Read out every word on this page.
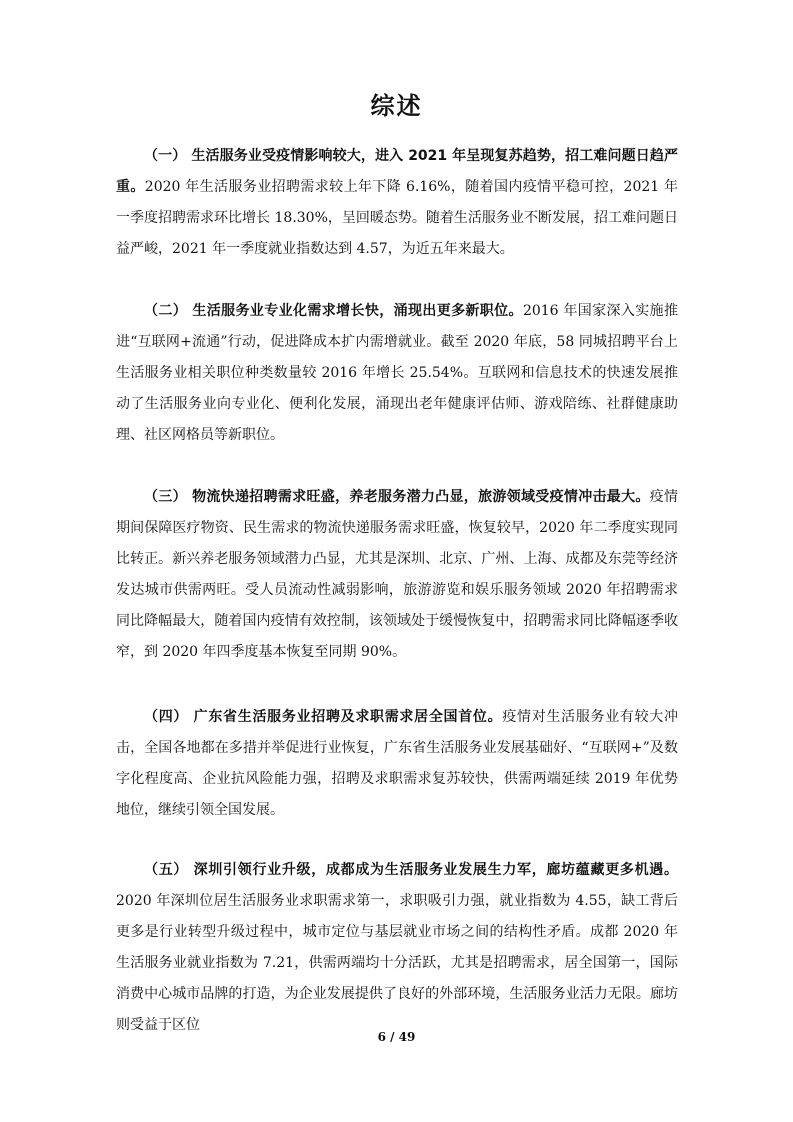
综述

（一） 生活服务业受疫情影响较大，进入 2021 年呈现复苏趋势，招工难问题日趋严重。2020 年生活服务业招聘需求较上年下降 6.16%，随着国内疫情平稳可控，2021 年一季度招聘需求环比增长 18.30%，呈回暖态势。随着生活服务业不断发展，招工难问题日益严峻，2021 年一季度就业指数达到 4.57，为近五年来最大。

（二） 生活服务业专业化需求增长快，涌现出更多新职位。2016 年国家深入实施推进“互联网+流通”行动，促进降成本扩内需增就业。截至 2020 年底，58 同城招聘平台上生活服务业相关职位种类数量较 2016 年增长 25.54%。互联网和信息技术的快速发展推动了生活服务业向专业化、便利化发展，涌现出老年健康评估师、游戏陪练、社群健康助理、社区网格员等新职位。

（三） 物流快递招聘需求旺盛，养老服务潜力凸显，旅游领域受疫情冲击最大。疫情期间保障医疗物资、民生需求的物流快递服务需求旺盛，恢复较早，2020 年二季度实现同比转正。新兴养老服务领域潜力凸显，尤其是深圳、北京、广州、上海、成都及东莞等经济发达城市供需两旺。受人员流动性减弱影响，旅游游览和娱乐服务领域 2020 年招聘需求同比降幅最大，随着国内疫情有效控制，该领域处于缓慢恢复中，招聘需求同比降幅逐季收窄，到 2020 年四季度基本恢复至同期 90%。

（四） 广东省生活服务业招聘及求职需求居全国首位。疫情对生活服务业有较大冲击，全国各地都在多措并举促进行业恢复，广东省生活服务业发展基础好、“互联网+”及数字化程度高、企业抗风险能力强，招聘及求职需求复苏较快，供需两端延续 2019 年优势地位，继续引领全国发展。

（五） 深圳引领行业升级，成都成为生活服务业发展生力军，廊坊蕴藏更多机遇。2020 年深圳位居生活服务业求职需求第一，求职吸引力强，就业指数为 4.55，缺工背后更多是行业转型升级过程中，城市定位与基层就业市场之间的结构性矛盾。成都 2020 年生活服务业就业指数为 7.21，供需两端均十分活跃，尤其是招聘需求，居全国第一，国际消费中心城市品牌的打造，为企业发展提供了良好的外部环境，生活服务业活力无限。廊坊则受益于区位

6 / 49
